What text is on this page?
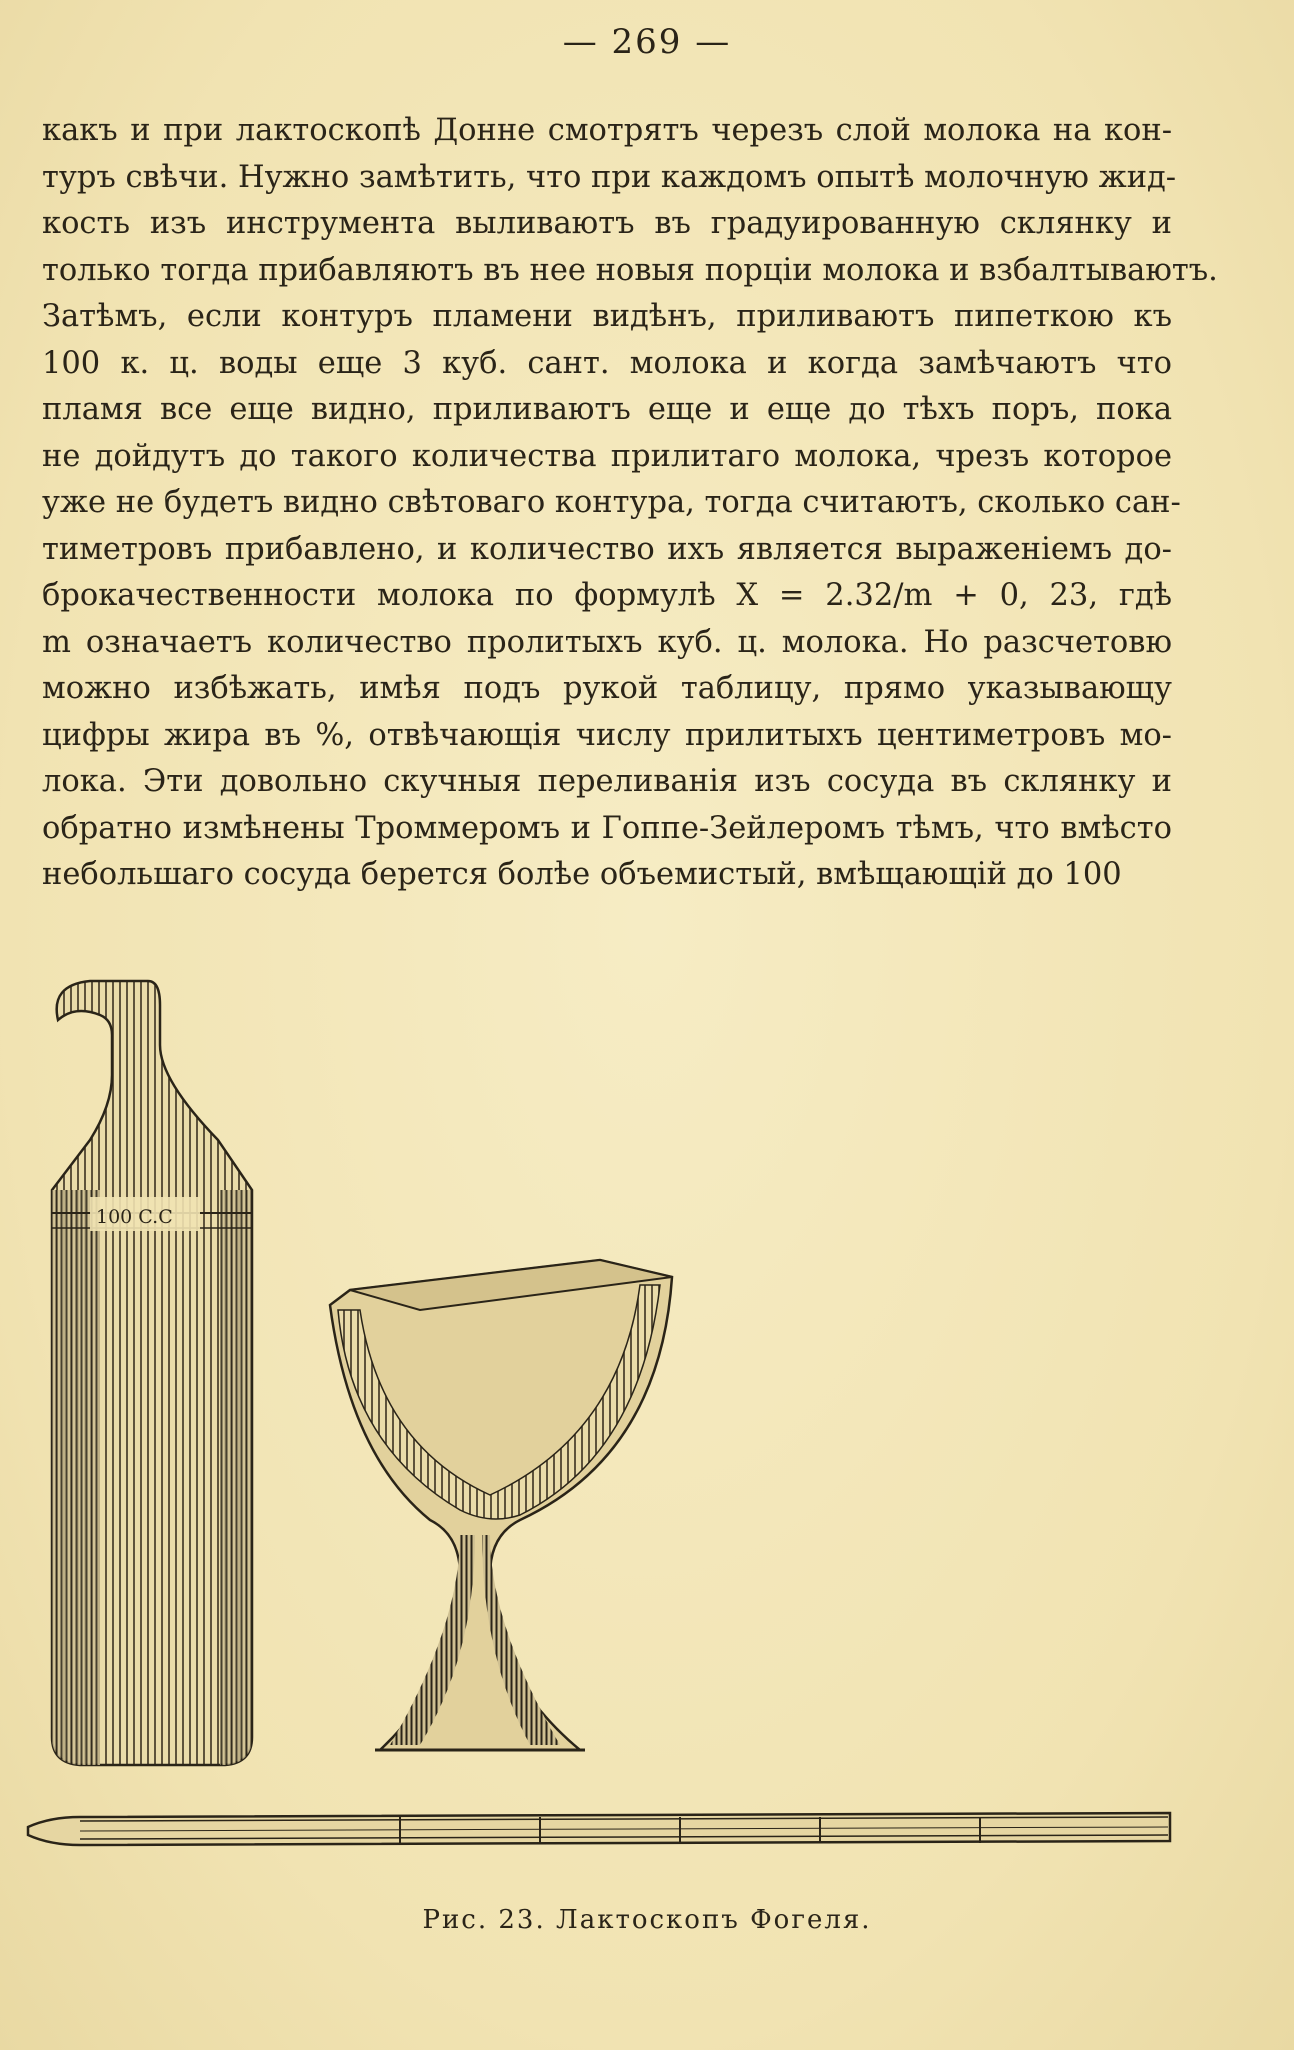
— 269 —
какъ и при лактоскопѣ Донне смотрятъ черезъ слой молока на кон-
туръ свѣчи. Нужно замѣтить, что при каждомъ опытѣ молочную жид-
кость изъ инструмента выливаютъ въ градуированную склянку и
только тогда прибавляютъ въ нее новыя порціи молока и взбалтываютъ.
Затѣмъ, если контуръ пламени видѣнъ, приливаютъ пипеткою къ
100 к. ц. воды еще 3 куб. сант. молока и когда замѣчаютъ что
пламя все еще видно, приливаютъ еще и еще до тѣхъ поръ, пока
не дойдутъ до такого количества прилитаго молока, чрезъ которое
уже не будетъ видно свѣтоваго контура, тогда считаютъ, сколько сан-
тиметровъ прибавлено, и количество ихъ является выраженіемъ до-
брокачественности молока по формулѣ X = 2.32/m + 0, 23, гдѣ
m означаетъ количество пролитыхъ куб. ц. молока. Но разсчетовю
можно избѣжать, имѣя подъ рукой таблицу, прямо указывающу
цифры жира въ %, отвѣчающія числу прилитыхъ центиметровъ мо-
лока. Эти довольно скучныя переливанія изъ сосуда въ склянку и
обратно измѣнены Троммеромъ и Гоппе-Зейлеромъ тѣмъ, что вмѣсто
небольшаго сосуда берется болѣе объемистый, вмѣщающій до 100
100 C.C
Рис. 23. Лактоскопъ Фогеля.
